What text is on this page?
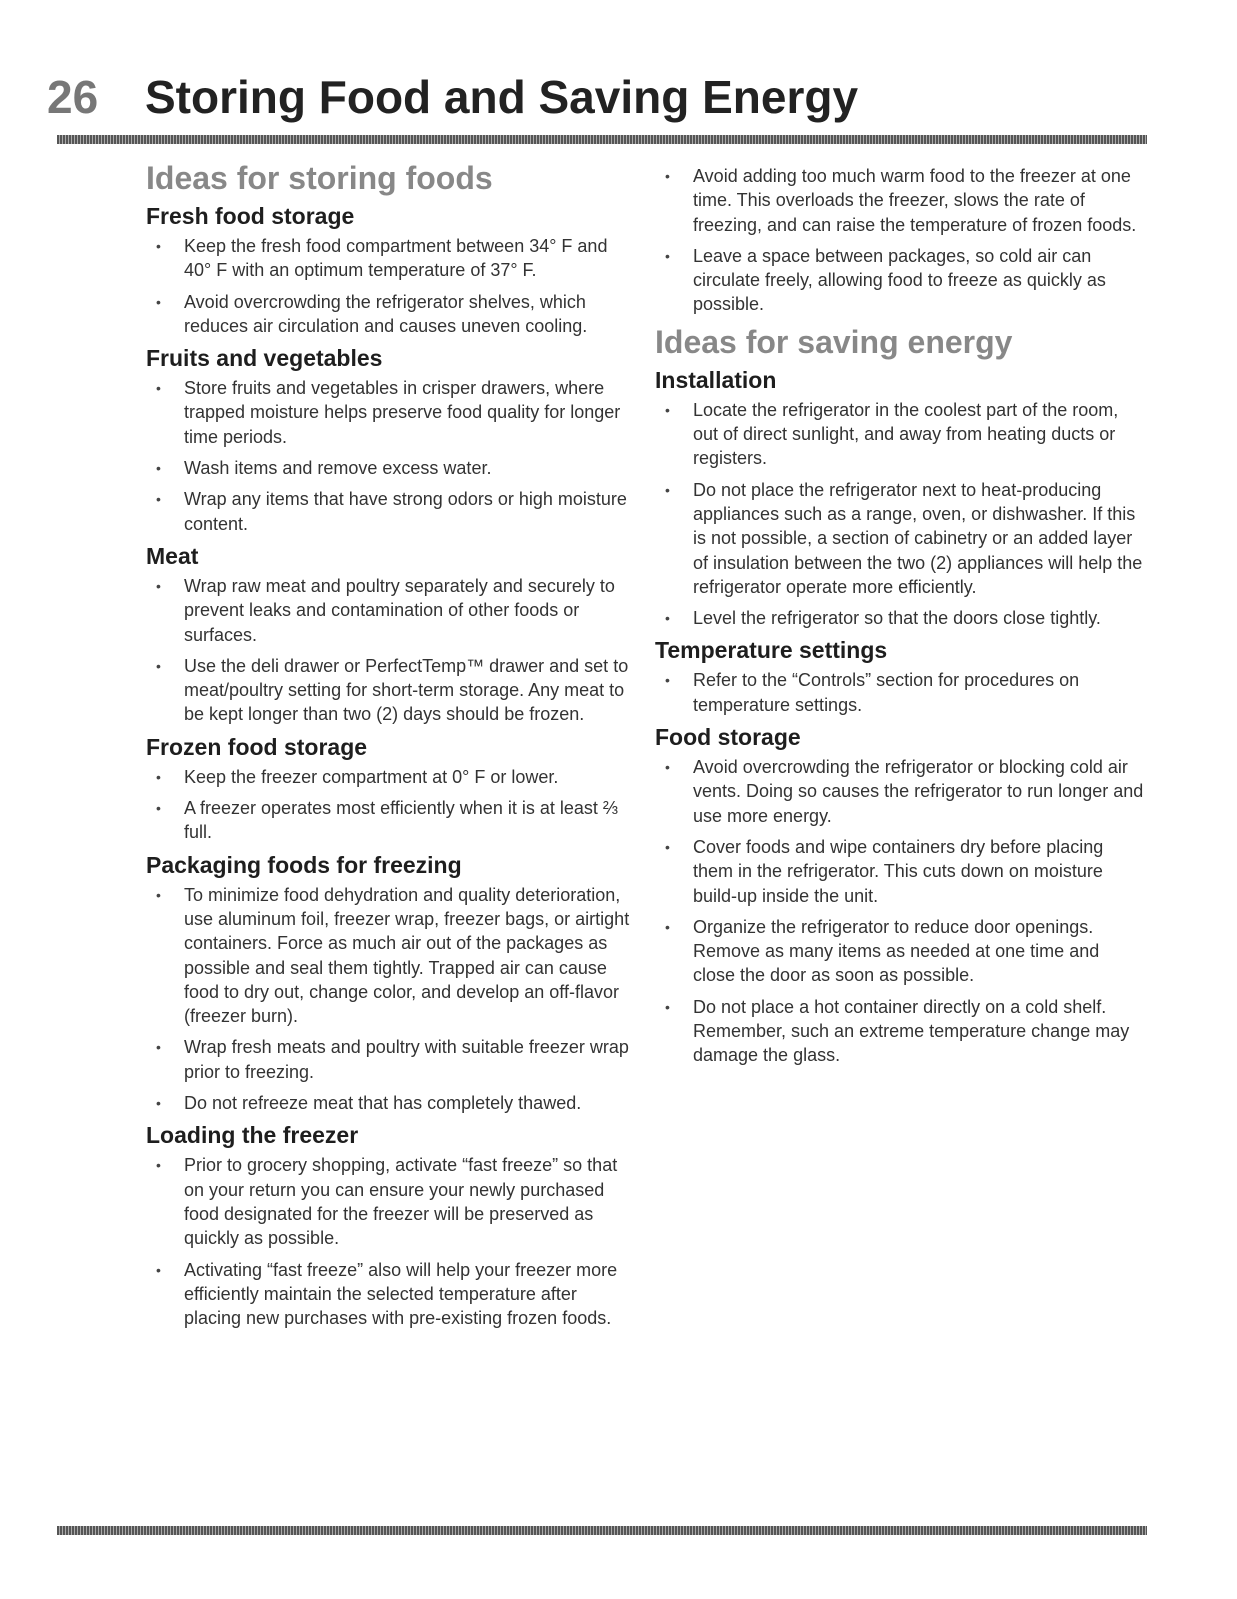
26 Storing Food and Saving Energy
Ideas for storing foods
Fresh food storage
• Keep the fresh food compartment between 34° F and 40° F with an optimum temperature of 37° F.
• Avoid overcrowding the refrigerator shelves, which reduces air circulation and causes uneven cooling.
Fruits and vegetables
• Store fruits and vegetables in crisper drawers, where trapped moisture helps preserve food quality for longer time periods.
• Wash items and remove excess water.
• Wrap any items that have strong odors or high moisture content.
Meat
• Wrap raw meat and poultry separately and securely to prevent leaks and contamination of other foods or surfaces.
• Use the deli drawer or PerfectTemp™ drawer and set to meat/poultry setting for short-term storage. Any meat to be kept longer than two (2) days should be frozen.
Frozen food storage
• Keep the freezer compartment at 0° F or lower.
• A freezer operates most efficiently when it is at least ⅔ full.
Packaging foods for freezing
• To minimize food dehydration and quality deterioration, use aluminum foil, freezer wrap, freezer bags, or airtight containers. Force as much air out of the packages as possible and seal them tightly. Trapped air can cause food to dry out, change color, and develop an off-flavor (freezer burn).
• Wrap fresh meats and poultry with suitable freezer wrap prior to freezing.
• Do not refreeze meat that has completely thawed.
Loading the freezer
• Prior to grocery shopping, activate “fast freeze” so that on your return you can ensure your newly purchased food designated for the freezer will be preserved as quickly as possible.
• Activating “fast freeze” also will help your freezer more efficiently maintain the selected temperature after placing new purchases with pre-existing frozen foods.
• Avoid adding too much warm food to the freezer at one time. This overloads the freezer, slows the rate of freezing, and can raise the temperature of frozen foods.
• Leave a space between packages, so cold air can circulate freely, allowing food to freeze as quickly as possible.
Ideas for saving energy
Installation
• Locate the refrigerator in the coolest part of the room, out of direct sunlight, and away from heating ducts or registers.
• Do not place the refrigerator next to heat-producing appliances such as a range, oven, or dishwasher. If this is not possible, a section of cabinetry or an added layer of insulation between the two (2) appliances will help the refrigerator operate more efficiently.
• Level the refrigerator so that the doors close tightly.
Temperature settings
• Refer to the “Controls” section for procedures on temperature settings.
Food storage
• Avoid overcrowding the refrigerator or blocking cold air vents. Doing so causes the refrigerator to run longer and use more energy.
• Cover foods and wipe containers dry before placing them in the refrigerator. This cuts down on moisture build-up inside the unit.
• Organize the refrigerator to reduce door openings. Remove as many items as needed at one time and close the door as soon as possible.
• Do not place a hot container directly on a cold shelf. Remember, such an extreme temperature change may damage the glass.
